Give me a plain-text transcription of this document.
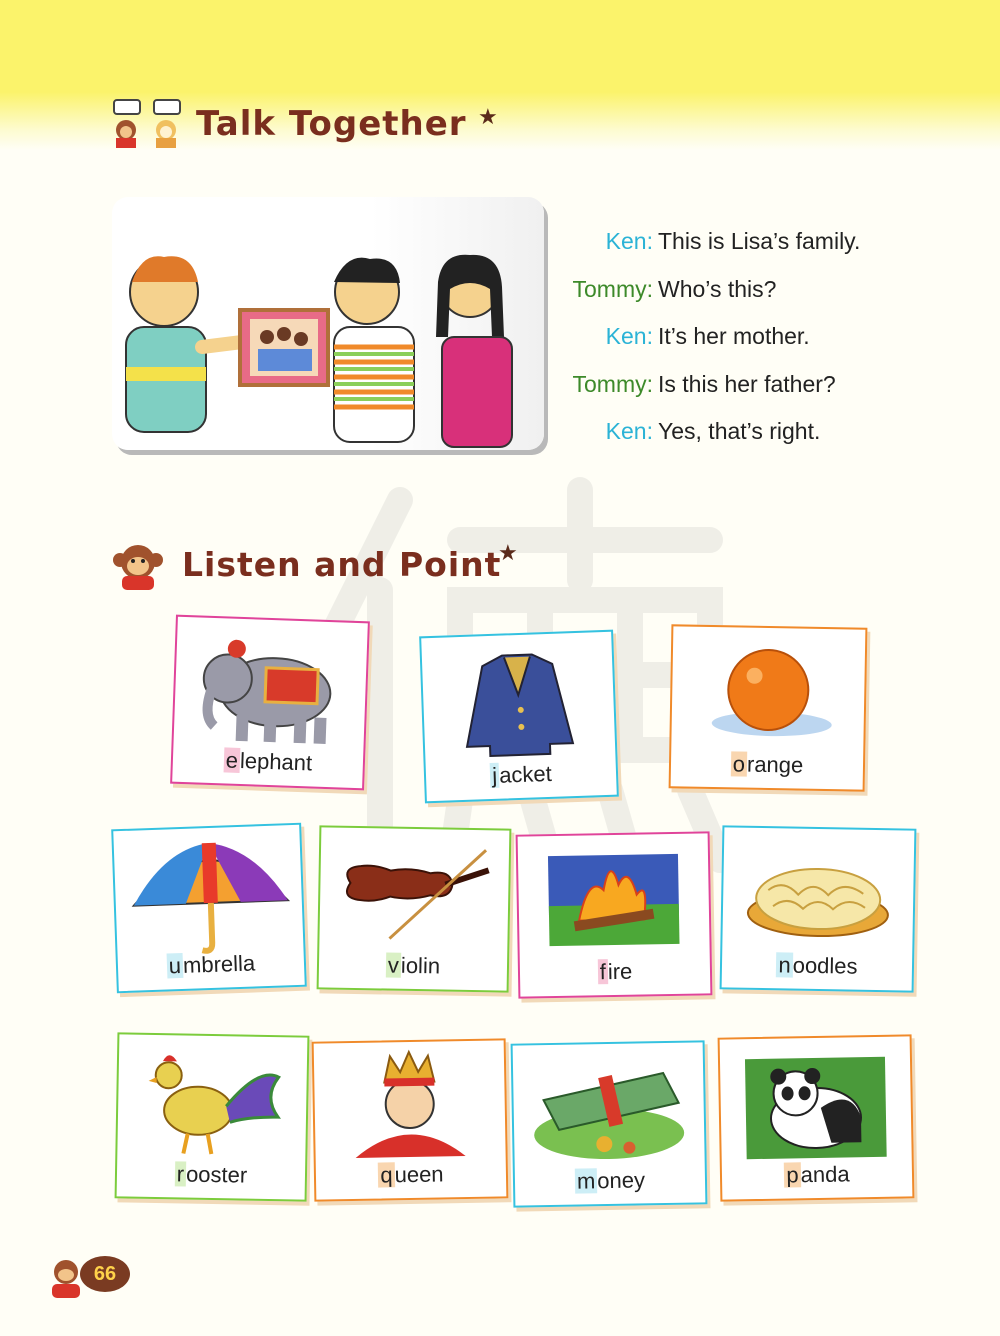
Talk Together ★
Ken: This is Lisa’s family.
Tommy: Who’s this?
Ken: It’s her mother.
Tommy: Is this her father?
Ken: Yes, that’s right.
Listen and Point
★
elephant	jacket	orange
umbrella	violin	fire	noodles
rooster	queen	money	panda
66
